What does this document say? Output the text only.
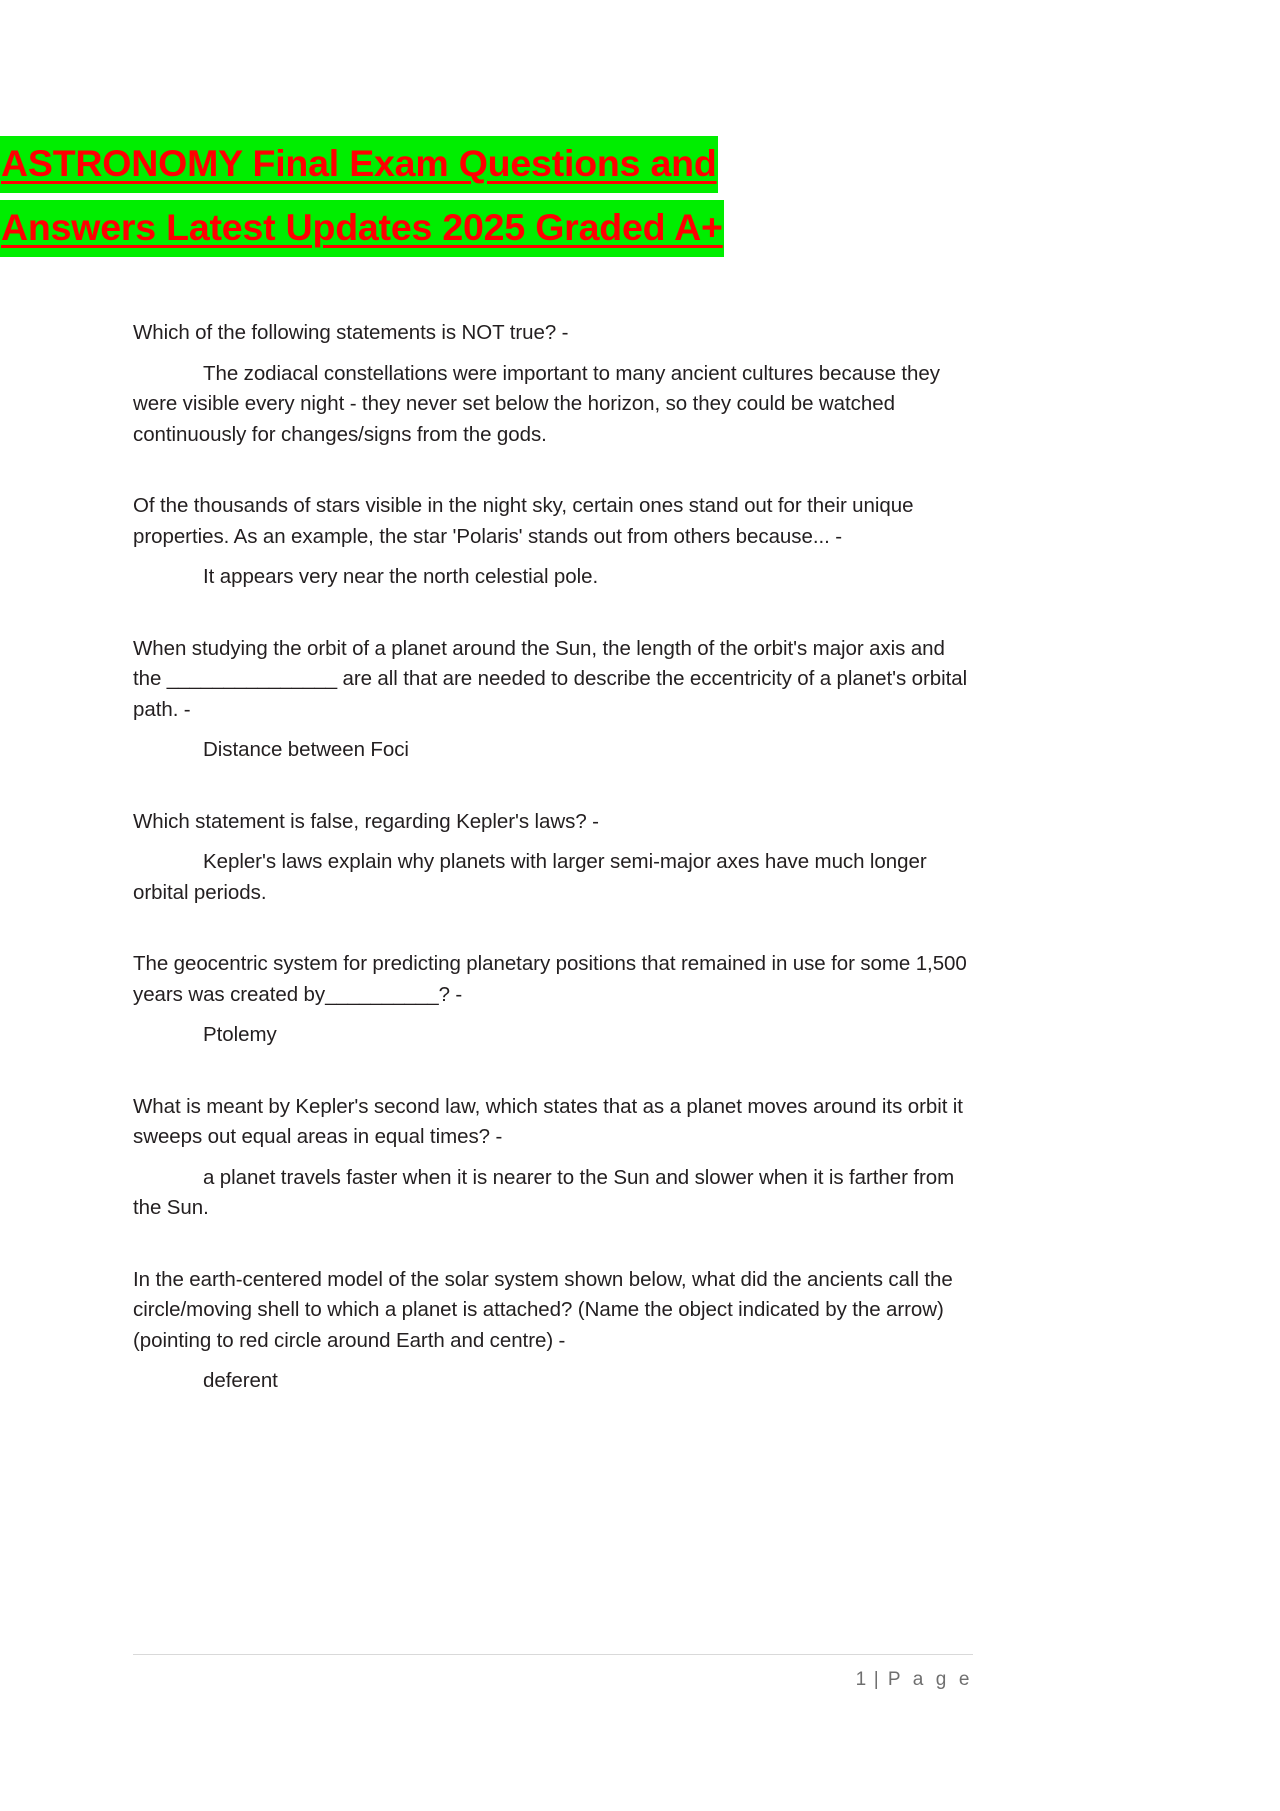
ASTRONOMY Final Exam Questions and
Answers Latest Updates 2025 Graded A+

Which of the following statements is NOT true? -

The zodiacal constellations were important to many ancient cultures because they were visible every night - they never set below the horizon, so they could be watched continuously for changes/signs from the gods.

Of the thousands of stars visible in the night sky, certain ones stand out for their unique properties. As an example, the star 'Polaris' stands out from others because... -

It appears very near the north celestial pole.

When studying the orbit of a planet around the Sun, the length of the orbit's major axis and the _______________ are all that are needed to describe the eccentricity of a planet's orbital path. -

Distance between Foci

Which statement is false, regarding Kepler's laws? -

Kepler's laws explain why planets with larger semi-major axes have much longer orbital periods.

The geocentric system for predicting planetary positions that remained in use for some 1,500 years was created by__________? -

Ptolemy

What is meant by Kepler's second law, which states that as a planet moves around its orbit it sweeps out equal areas in equal times? -

a planet travels faster when it is nearer to the Sun and slower when it is farther from the Sun.

In the earth-centered model of the solar system shown below, what did the ancients call the circle/moving shell to which a planet is attached? (Name the object indicated by the arrow) (pointing to red circle around Earth and centre) -

deferent

1 | P a g e
